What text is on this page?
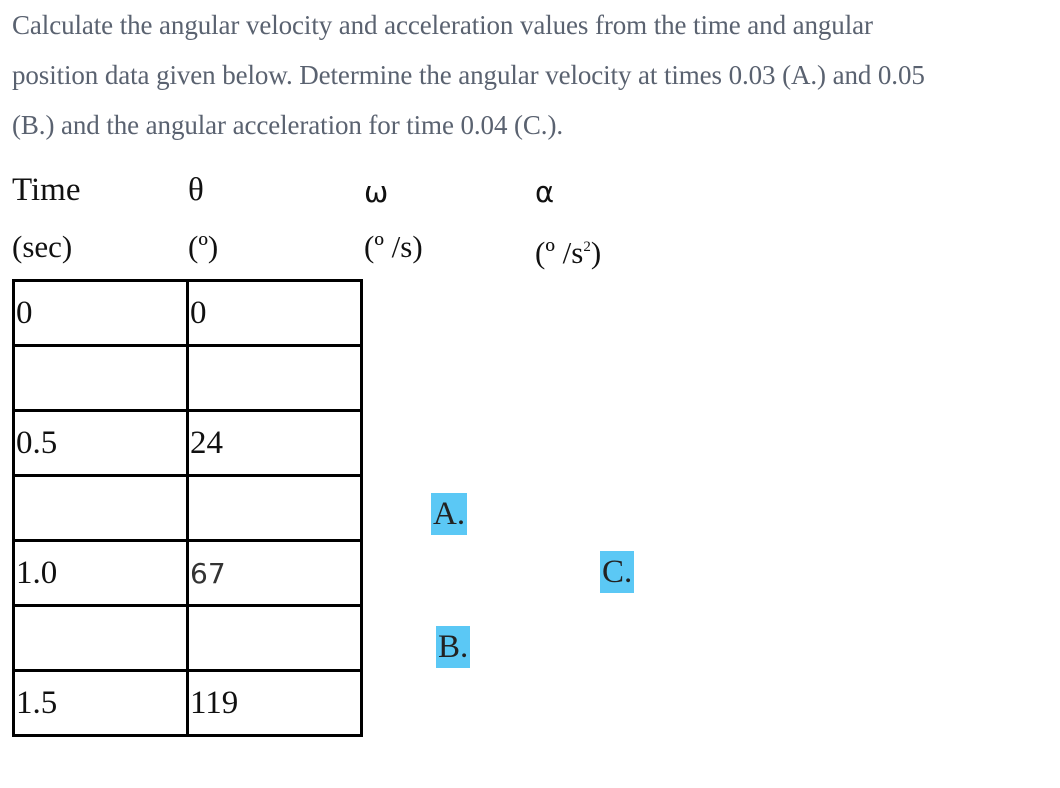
Calculate the angular velocity and acceleration values from the time and angular
position data given below. Determine the angular velocity at times 0.03 (A.) and 0.05
(B.) and the angular acceleration for time 0.04 (C.).
Time	θ	ω	α
(sec)	(º)	(º /s)	(º $/s^2$)
0	0

0.5	24

1.0	67

1.5	119
A.
C.
B.
